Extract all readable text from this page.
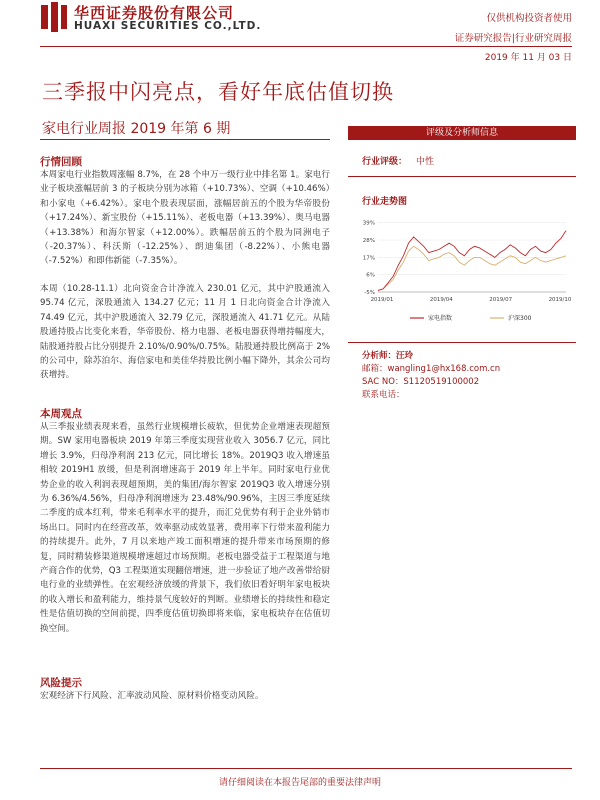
华西证券股份有限公司
HUAXI SECURITIES CO.,LTD.
仅供机构投资者使用
证券研究报告|行业研究周报
2019 年 11 月 03 日
三季报中闪亮点，看好年底估值切换
家电行业周报 2019 年第 6 期
行情回顾
本周家电行业指数周涨幅 8.7%，在 28 个申万一级行业中排名第 1。家电行业子板块涨幅居前 3 的子板块分别为冰箱（+10.73%）、空调（+10.46%）和小家电（+6.42%）。家电个股表现层面，涨幅居前五的个股为华帝股份（+17.24%）、新宝股份（+15.11%）、老板电器（+13.39%）、奥马电器（+13.38%）和海尔智家（+12.00%）。跌幅居前五的个股为同洲电子（-20.37%）、科沃斯（-12.25%）、朗迪集团（-8.22%）、小熊电器（-7.52%）和即伟新能（-7.35%）。
本周（10.28-11.1）北向资金合计净流入 230.01 亿元，其中沪股通流入 95.74 亿元，深股通流入 134.27 亿元；11 月 1 日北向资金合计净流入 74.49 亿元，其中沪股通流入 32.79 亿元，深股通流入 41.71 亿元。从陆股通持股占比变化来看，华帝股份、格力电器、老板电器获得增持幅度大，陆股通持股占比分别提升 2.10%/0.90%/0.75%。陆股通持股比例高于 2%的公司中，除苏泊尔、海信家电和美佳华持股比例小幅下降外，其余公司均获增持。
本周观点
从三季报业绩表现来看，虽然行业规模增长疲软，但优势企业增速表现超预期。SW 家用电器板块 2019 年第三季度实现营业收入 3056.7 亿元，同比增长 3.9%，归母净利润 213 亿元，同比增长 18%。2019Q3 收入增速虽相较 2019H1 放缓，但是利润增速高于 2019 年上半年。同时家电行业优势企业的收入利润表现超预期，美的集团/海尔智家 2019Q3 收入增速分别为 6.36%/4.56%，归母净利润增速为 23.48%/90.96%，主因三季度延续二季度的成本红利，带来毛利率水平的提升，而汇兑优势有利于企业外销市场出口。同时内在经营改革，效率驱动成效显著，费用率下行带来盈利能力的持续提升。此外，7 月以来地产竣工面积增速的提升带来市场预期的修复，同时精装修渠道规模增速超过市场预期。老板电器受益于工程渠道与地产商合作的优势，Q3 工程渠道实现翻倍增速，进一步验证了地产改善带给厨电行业的业绩弹性。在宏观经济放缓的背景下，我们依旧看好明年家电板块的收入增长和盈利能力，维持景气度较好的判断。业绩增长的持续性和稳定性是估值切换的空间前提，四季度估值切换即将来临，家电板块存在估值切换空间。
风险提示
宏观经济下行风险、汇率波动风险、原材料价格变动风险。
评级及分析师信息
行业评级： 中性
行业走势图
-5%
6%
17%
28%
39%
2019/01	2019/04	2019/07	2019/10
家电指数	沪深300
分析师：汪玲
邮箱：wangling1@hx168.com.cn
SAC NO：S1120519100002
联系电话：
请仔细阅读在本报告尾部的重要法律声明
